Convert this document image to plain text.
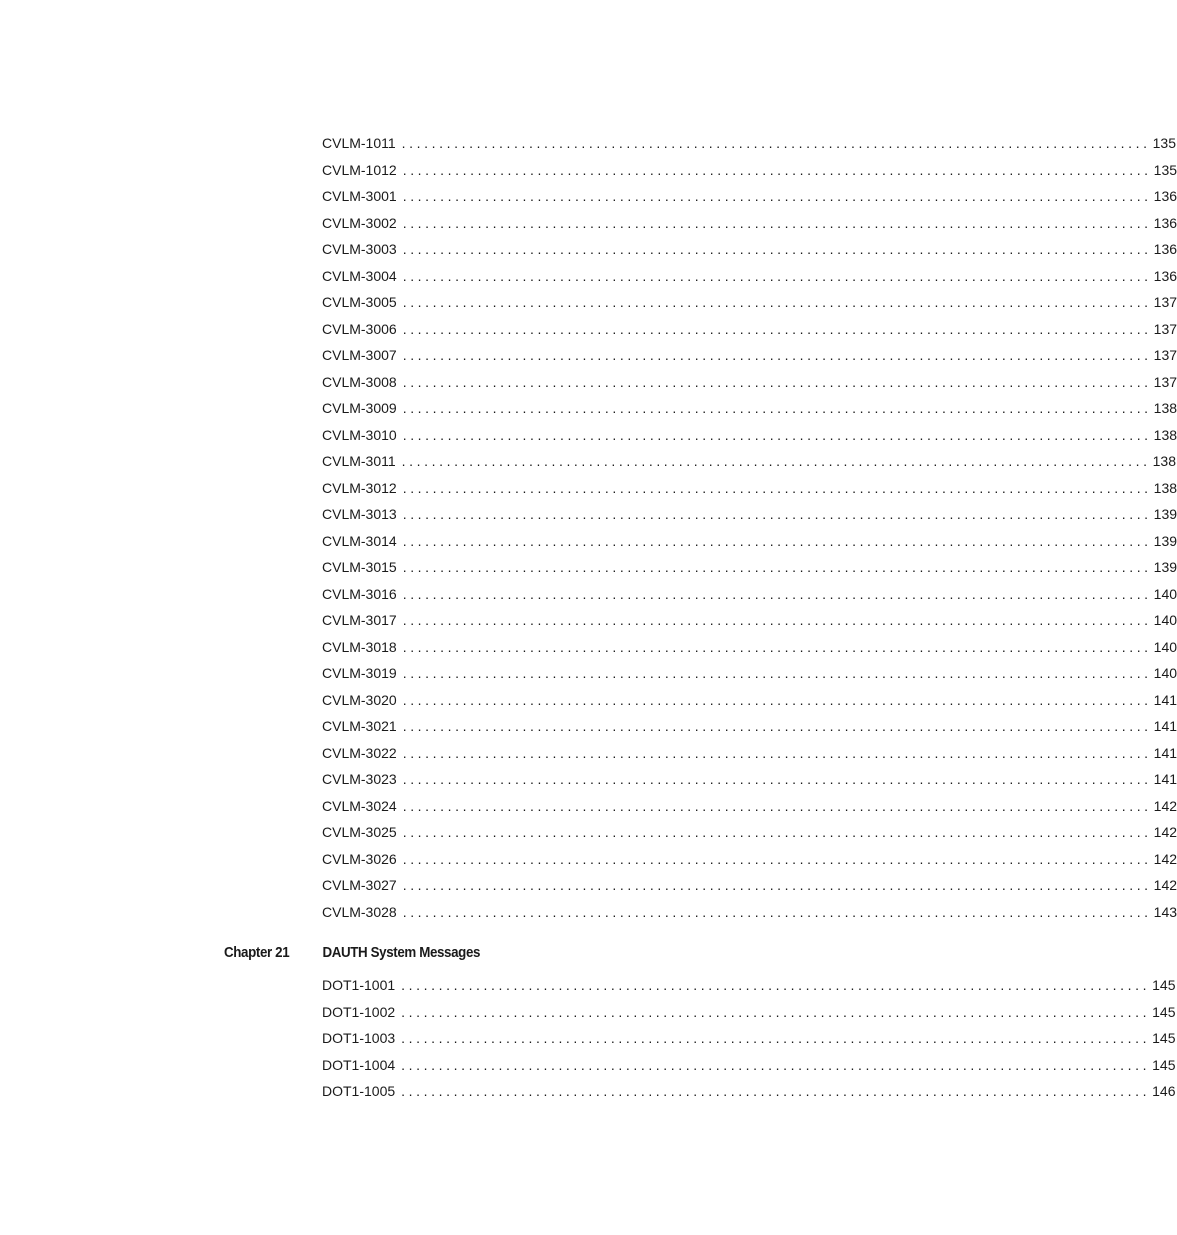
CVLM-1011 .................................................................................................... 135
CVLM-1012 .................................................................................................... 135
CVLM-3001 .................................................................................................... 136
CVLM-3002 .................................................................................................... 136
CVLM-3003 .................................................................................................... 136
CVLM-3004 .................................................................................................... 136
CVLM-3005 .................................................................................................... 137
CVLM-3006 .................................................................................................... 137
CVLM-3007 .................................................................................................... 137
CVLM-3008 .................................................................................................... 137
CVLM-3009 .................................................................................................... 138
CVLM-3010 .................................................................................................... 138
CVLM-3011 .................................................................................................... 138
CVLM-3012 .................................................................................................... 138
CVLM-3013 .................................................................................................... 139
CVLM-3014 .................................................................................................... 139
CVLM-3015 .................................................................................................... 139
CVLM-3016 .................................................................................................... 140
CVLM-3017 .................................................................................................... 140
CVLM-3018 .................................................................................................... 140
CVLM-3019 .................................................................................................... 140
CVLM-3020 .................................................................................................... 141
CVLM-3021 .................................................................................................... 141
CVLM-3022 .................................................................................................... 141
CVLM-3023 .................................................................................................... 141
CVLM-3024 .................................................................................................... 142
CVLM-3025 .................................................................................................... 142
CVLM-3026 .................................................................................................... 142
CVLM-3027 .................................................................................................... 142
CVLM-3028 .................................................................................................... 143
Chapter 21 DAUTH System Messages
DOT1-1001 .................................................................................................... 145
DOT1-1002 .................................................................................................... 145
DOT1-1003 .................................................................................................... 145
DOT1-1004 .................................................................................................... 145
DOT1-1005 .................................................................................................... 146
